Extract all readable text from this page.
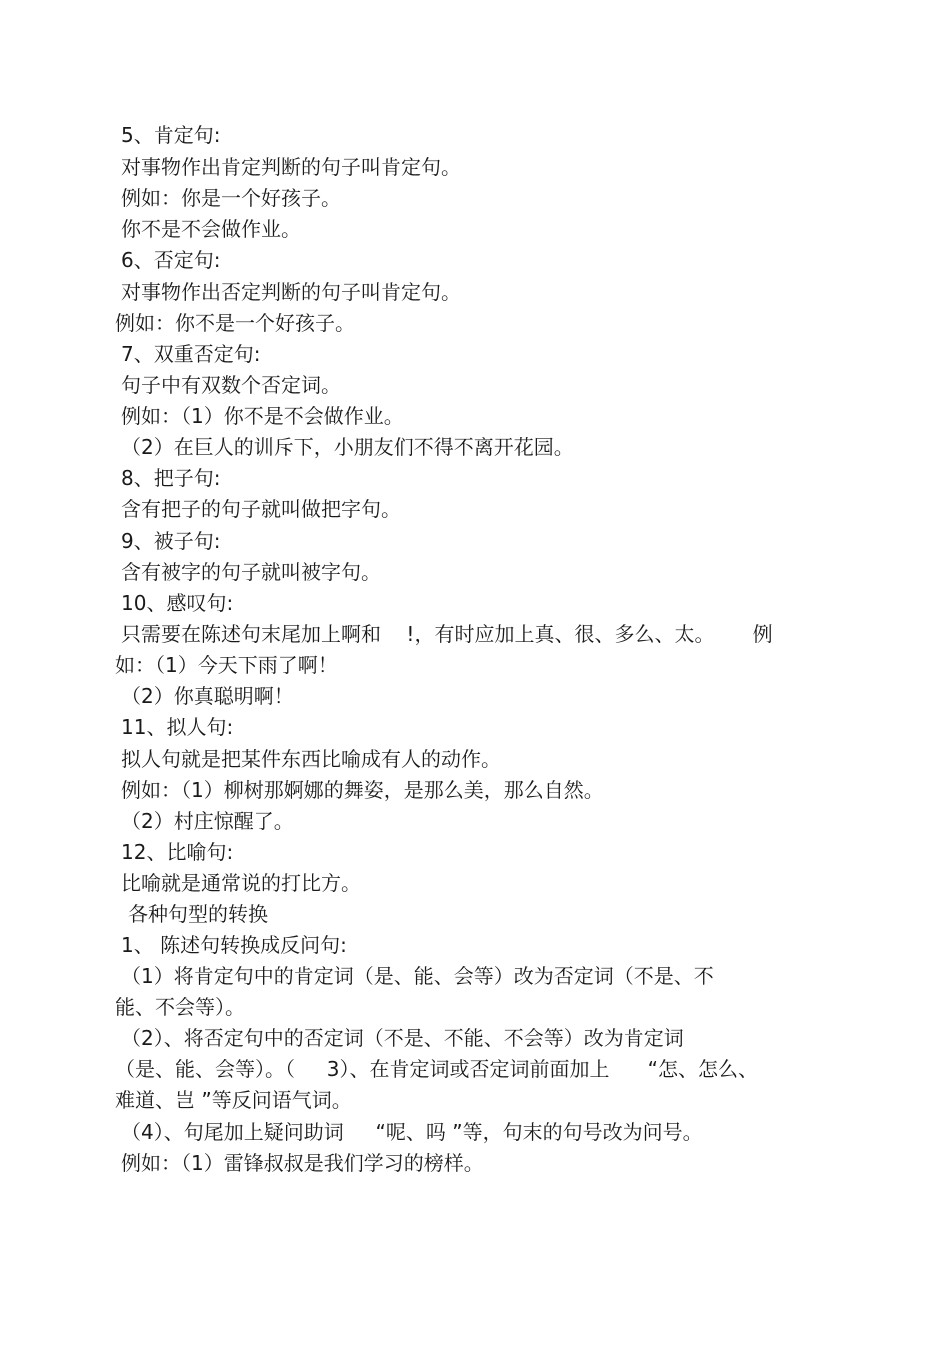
5、肯定句:
对事物作出肯定判断的句子叫肯定句。
例如：你是一个好孩子。
你不是不会做作业。
6、否定句:
对事物作出否定判断的句子叫肯定句。
例如：你不是一个好孩子。
7、双重否定句:
句子中有双数个否定词。
例如：（1）你不是不会做作业。
（2）在巨人的训斥下，小朋友们不得不离开花园。
8、把子句:
含有把子的句子就叫做把字句。
9、被子句:
含有被字的句子就叫被字句。
10、感叹句:
只需要在陈述句末尾加上啊和    !，有时应加上真、很、多么、太。      例
如：（1）今天下雨了啊！
（2）你真聪明啊！
11、拟人句:
拟人句就是把某件东西比喻成有人的动作。
例如：（1）柳树那婀娜的舞姿，是那么美，那么自然。
（2）村庄惊醒了。
12、比喻句:
比喻就是通常说的打比方。
各种句型的转换
1、 陈述句转换成反问句:
（1）将肯定句中的肯定词（是、能、会等）改为否定词（不是、不
能、不会等）。
（2）、将否定句中的否定词（不是、不能、不会等）改为肯定词
（是、能、会等）。（     3）、在肯定词或否定词前面加上      “怎、怎么、
难道、岂 ”等反问语气词。
（4）、句尾加上疑问助词     “呢、吗 ”等，句末的句号改为问号。
例如：（1）雷锋叔叔是我们学习的榜样。
